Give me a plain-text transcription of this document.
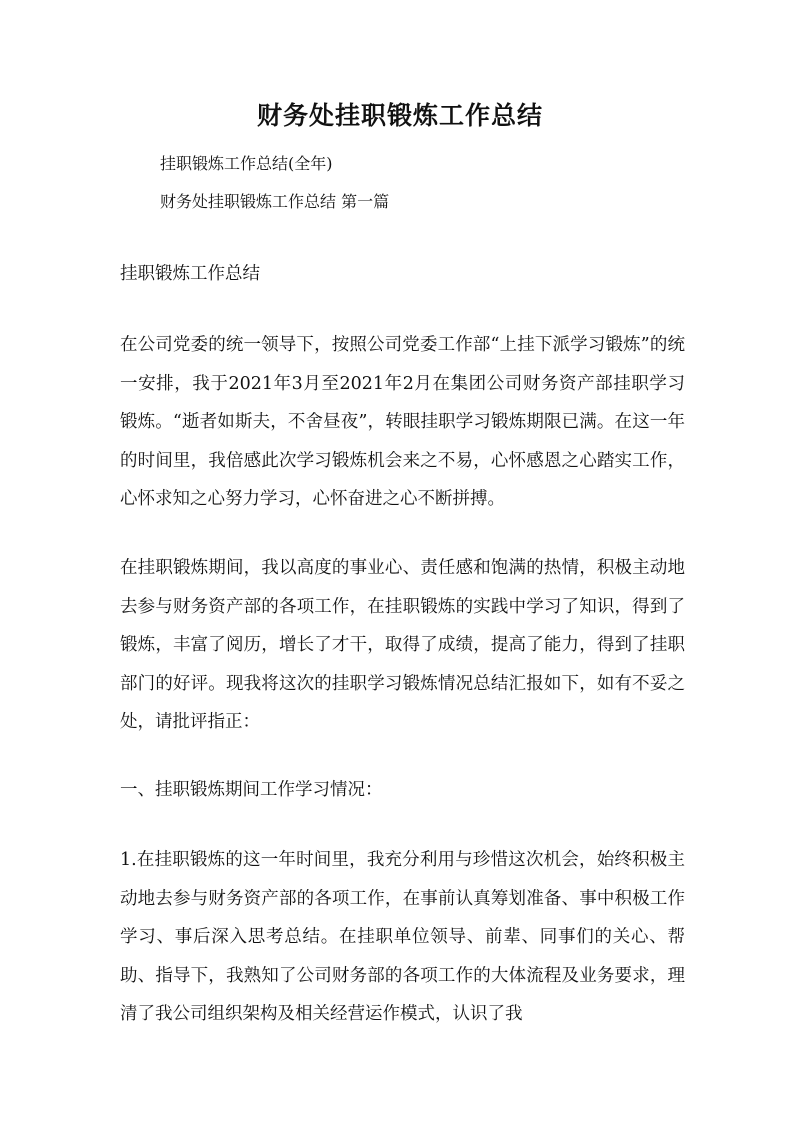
财务处挂职锻炼工作总结
挂职锻炼工作总结(全年)
财务处挂职锻炼工作总结 第一篇

挂职锻炼工作总结

在公司党委的统一领导下，按照公司党委工作部“上挂下派学习锻炼”的统一安排，我于2021年3月至2021年2月在集团公司财务资产部挂职学习锻炼。“逝者如斯夫，不舍昼夜”，转眼挂职学习锻炼期限已满。在这一年的时间里，我倍感此次学习锻炼机会来之不易，心怀感恩之心踏实工作，心怀求知之心努力学习，心怀奋进之心不断拼搏。

在挂职锻炼期间，我以高度的事业心、责任感和饱满的热情，积极主动地去参与财务资产部的各项工作，在挂职锻炼的实践中学习了知识，得到了锻炼，丰富了阅历，增长了才干，取得了成绩，提高了能力，得到了挂职部门的好评。现我将这次的挂职学习锻炼情况总结汇报如下，如有不妥之处，请批评指正：

一、挂职锻炼期间工作学习情况：

1.在挂职锻炼的这一年时间里，我充分利用与珍惜这次机会，始终积极主动地去参与财务资产部的各项工作，在事前认真筹划准备、事中积极工作学习、事后深入思考总结。在挂职单位领导、前辈、同事们的关心、帮助、指导下，我熟知了公司财务部的各项工作的大体流程及业务要求，理清了我公司组织架构及相关经营运作模式，认识了我
